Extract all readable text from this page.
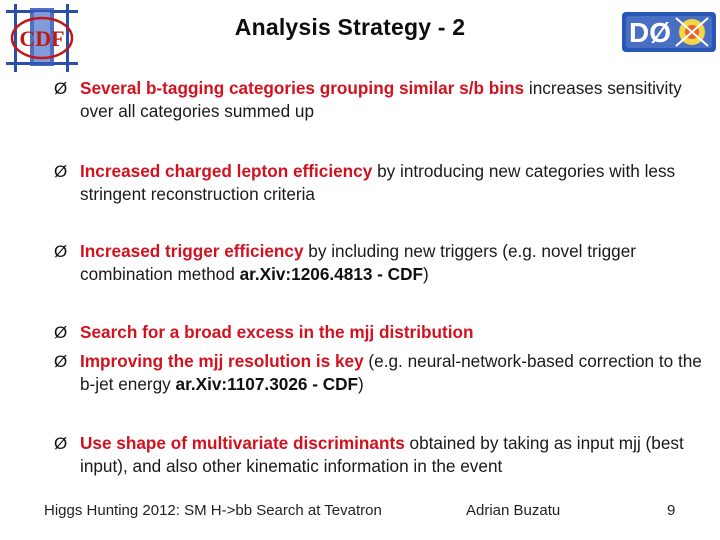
CDF	DØ
Analysis Strategy - 2
Ø Several b-tagging categories grouping similar s/b bins increases sensitivity over all categories summed up
Ø Increased charged lepton efficiency by introducing new categories with less stringent reconstruction criteria
Ø Increased trigger efficiency by including new triggers (e.g. novel trigger combination method ar.Xiv:1206.4813 - CDF)
Ø Search for a broad excess in the mjj distribution
Ø Improving the mjj resolution is key (e.g. neural-network-based correction to the b-jet energy ar.Xiv:1107.3026 - CDF)
Ø Use shape of multivariate discriminants obtained by taking as input mjj (best input), and also other kinematic information in the event
Higgs Hunting 2012: SM H->bb Search at Tevatron	Adrian Buzatu	9
